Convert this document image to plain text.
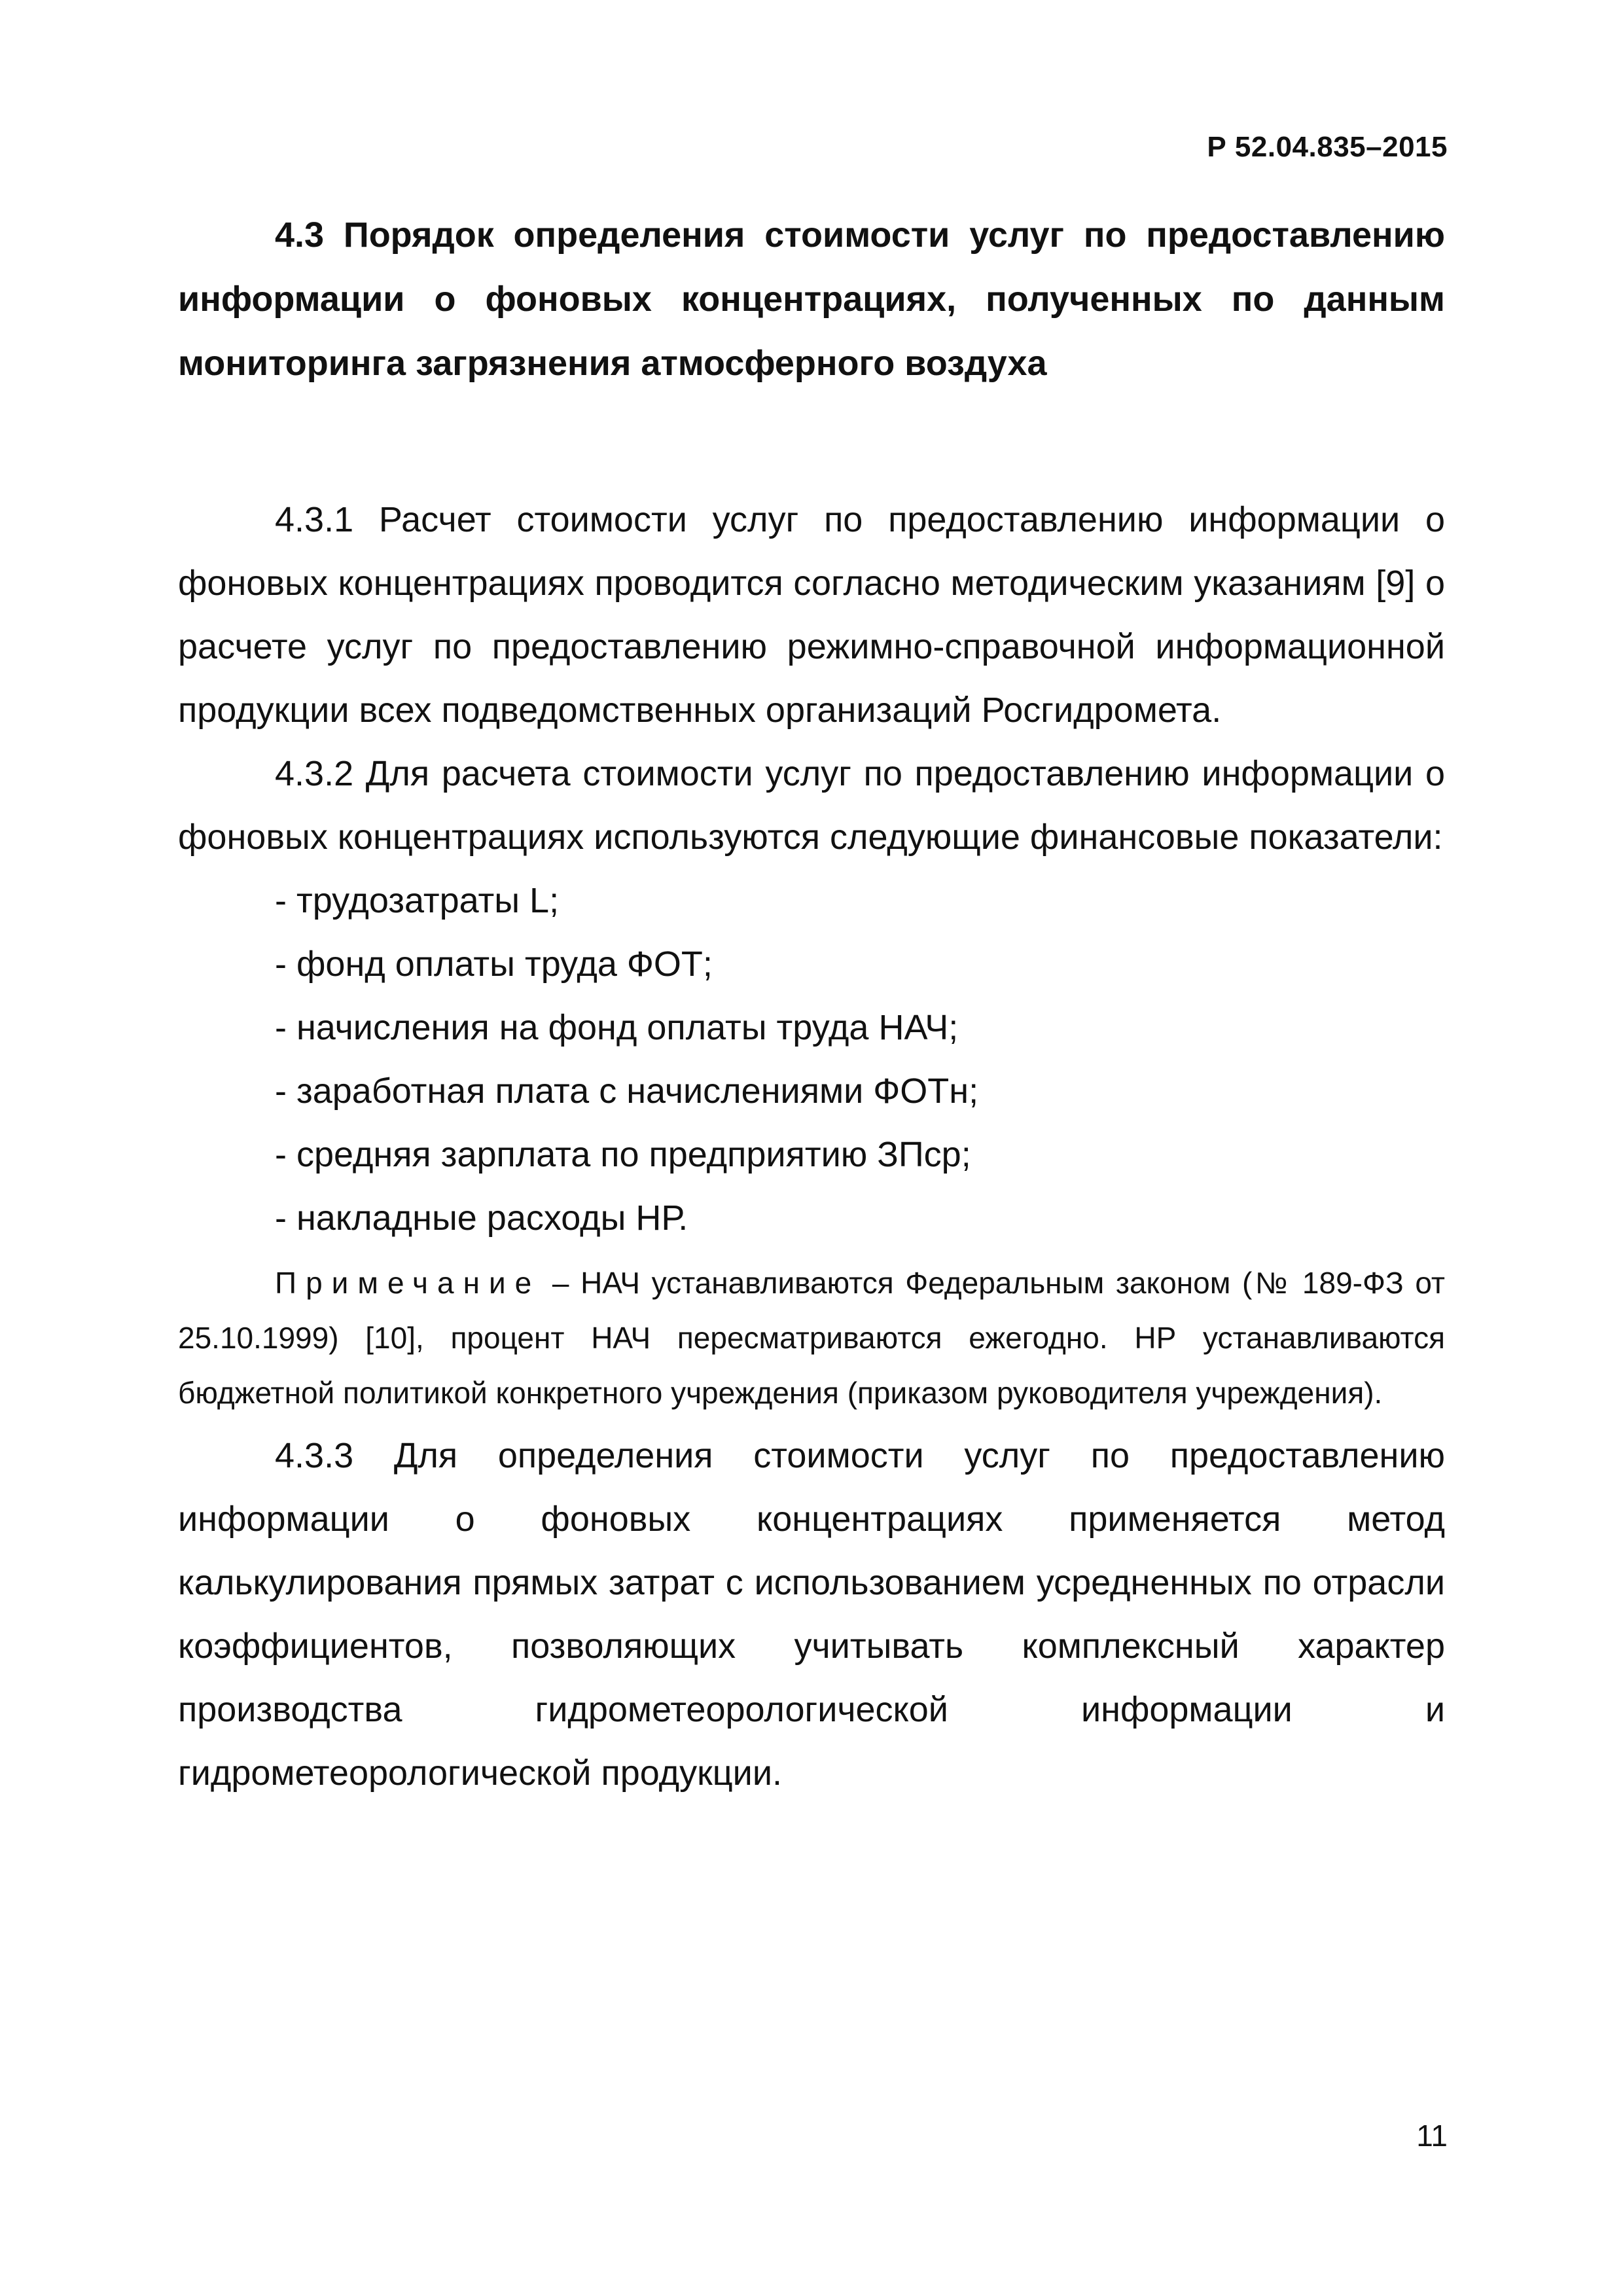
Р 52.04.835–2015

4.3 Порядок определения стоимости услуг по предоставлению информации о фоновых концентрациях, полученных по данным мониторинга загрязнения атмосферного воздуха

4.3.1 Расчет стоимости услуг по предоставлению информации о фоновых концентрациях проводится согласно методическим указаниям [9] о расчете услуг по предоставлению режимно-справочной информационной продукции всех подведомственных организаций Росгидромета.

4.3.2 Для расчета стоимости услуг по предоставлению информации о фоновых концентрациях используются следующие финансовые показатели:

- трудозатраты L;
- фонд оплаты труда ФОТ;
- начисления на фонд оплаты труда НАЧ;
- заработная плата с начислениями ФОТн;
- средняя зарплата по предприятию ЗПср;
- накладные расходы НР.

Примечание – НАЧ устанавливаются Федеральным законом (№ 189-ФЗ от 25.10.1999) [10], процент НАЧ пересматриваются ежегодно. НР устанавливаются бюджетной политикой конкретного учреждения (приказом руководителя учреждения).

4.3.3 Для определения стоимости услуг по предоставлению информации о фоновых концентрациях применяется метод калькулирования прямых затрат с использованием усредненных по отрасли коэффициентов, позволяющих учитывать комплексный характер производства гидрометеорологической информации и гидрометеорологической продукции.

11
